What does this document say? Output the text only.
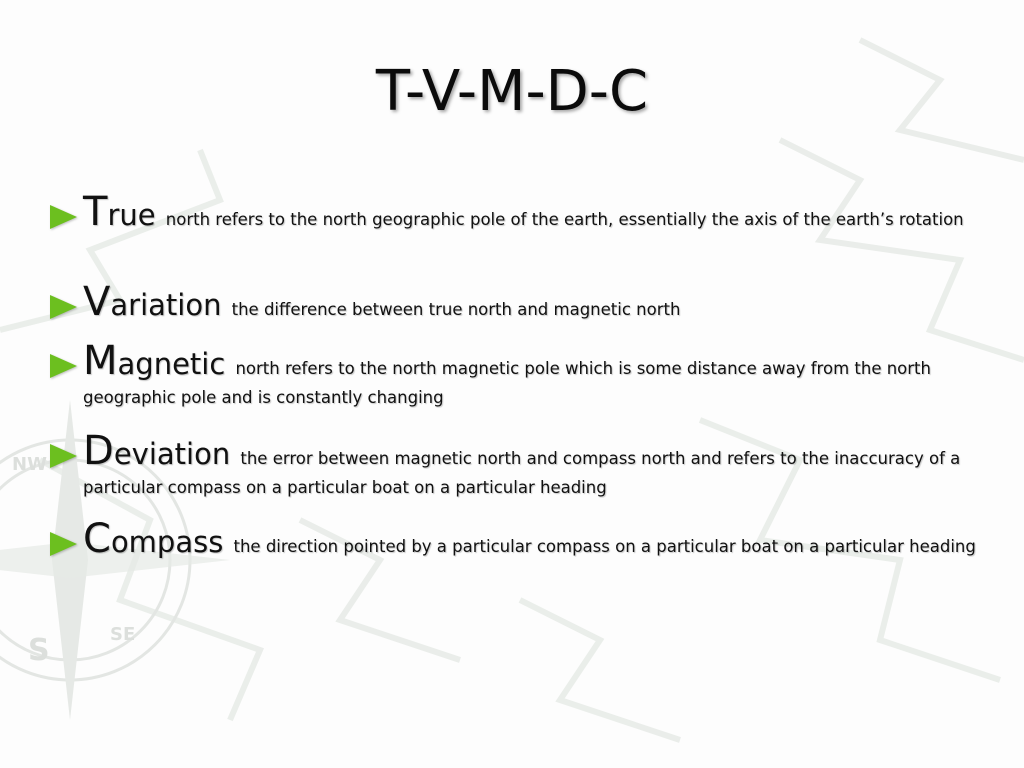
S	SE
NW
T-V-M-D-C
True north refers to the north geographic pole of the earth, essentially the axis of the earth’s rotation
Variation the difference between true north and magnetic north
Magnetic north refers to the north magnetic pole which is some distance away from the north geographic pole and is constantly changing
Deviation the error between magnetic north and compass north and refers to the inaccuracy of a particular compass on a particular boat on a particular heading
Compass the direction pointed by a particular compass on a particular boat on a particular heading
